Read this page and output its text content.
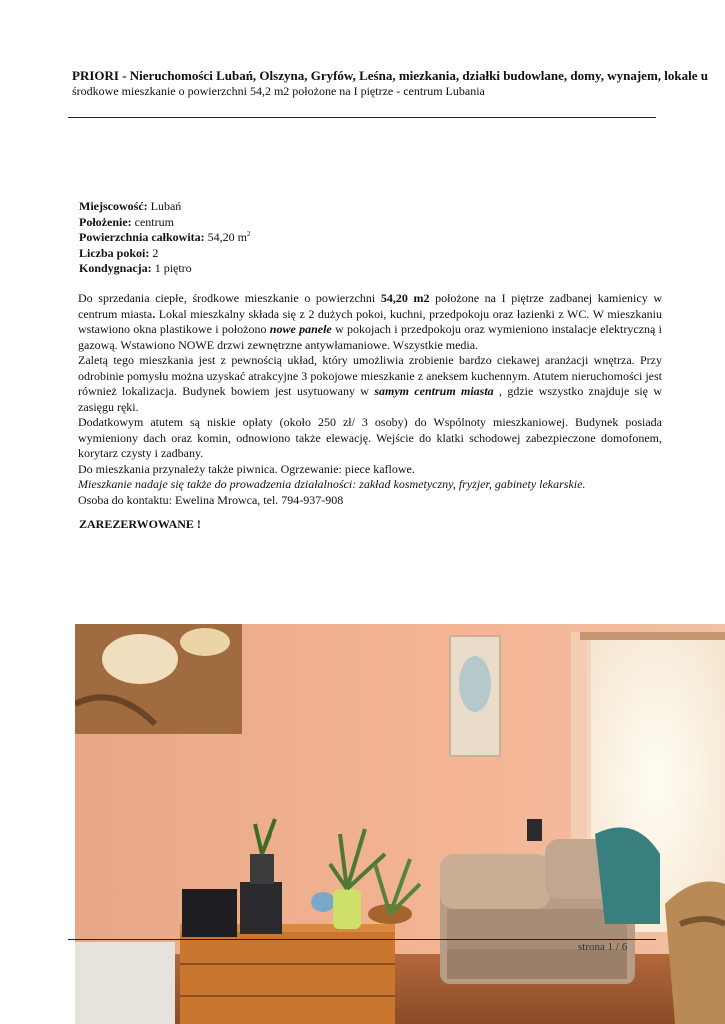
PRIORI - Nieruchomości Lubań, Olszyna, Gryfów, Leśna, miezkania, działki budowlane, domy, wynajem, lokale u
środkowe mieszkanie o powierzchni 54,2 m2 położone na I piętrze - centrum Lubania
Miejscowość: Lubań
Położenie: centrum
Powierzchnia całkowita: 54,20 $m^2$
Liczba pokoi: 2
Kondygnacja: 1 piętro

Do sprzedania ciepłe, środkowe mieszkanie o powierzchni 54,20 m2 położone na I piętrze zadbanej kamienicy w centrum miasta. Lokal mieszkalny składa się z 2 dużych pokoi, kuchni, przedpokoju oraz łazienki z WC. W mieszkaniu wstawiono okna plastikowe i położono nowe panele w pokojach i przedpokoju oraz wymieniono instalacje elektryczną i gazową. Wstawiono NOWE drzwi zewnętrzne antywłamaniowe. Wszystkie media.

Zaletą tego mieszkania jest z pewnością układ, który umożliwia zrobienie bardzo ciekawej aranżacji wnętrza. Przy odrobinie pomysłu można uzyskać atrakcyjne 3 pokojowe mieszkanie z aneksem kuchennym. Atutem nieruchomości jest również lokalizacja. Budynek bowiem jest usytuowany w samym centrum miasta , gdzie wszystko znajduje się w zasięgu ręki.

Dodatkowym atutem są niskie opłaty (około 250 zł/ 3 osoby) do Wspólnoty mieszkaniowej. Budynek posiada wymieniony dach oraz komin, odnowiono także elewację. Wejście do klatki schodowej zabezpieczone domofonem, korytarz czysty i zadbany.

Do mieszkania przynależy także piwnica. Ogrzewanie: piece kaflowe.

Mieszkanie nadaje się także do prowadzenia działalności: zakład kosmetyczny, fryzjer, gabinety lekarskie.

Osoba do kontaktu: Ewelina Mrowca, tel. 794-937-908

ZAREZERWOWANE !
strona 1 / 6
